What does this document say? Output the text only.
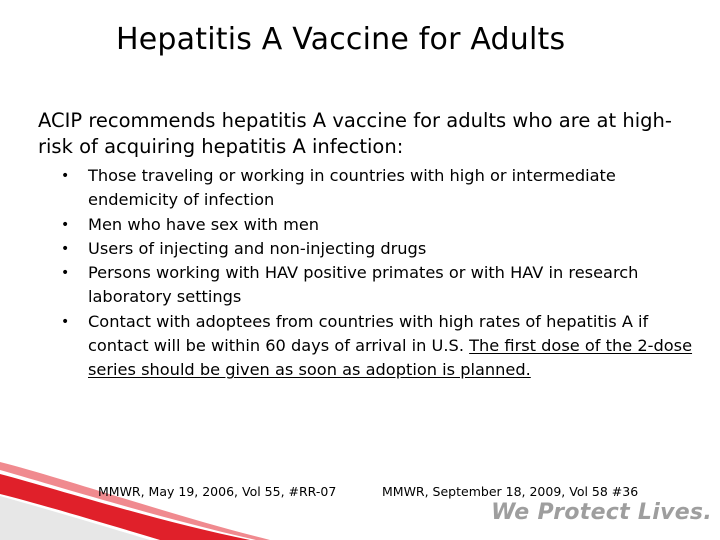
Hepatitis A Vaccine for Adults
ACIP recommends hepatitis A vaccine for adults who are at high-risk of acquiring hepatitis A infection:
• Those traveling or working in countries with high or intermediate endemicity of infection
• Men who have sex with men
• Users of injecting and non-injecting drugs
• Persons working with HAV positive primates or with HAV in research laboratory settings
• Contact with adoptees from countries with high rates of hepatitis A if contact will be within 60 days of arrival in U.S. The first dose of the 2-dose series should be given as soon as adoption is planned.
MMWR, May 19, 2006, Vol 55, #RR-07	MMWR, September 18, 2009, Vol 58 #36
We Protect Lives.
